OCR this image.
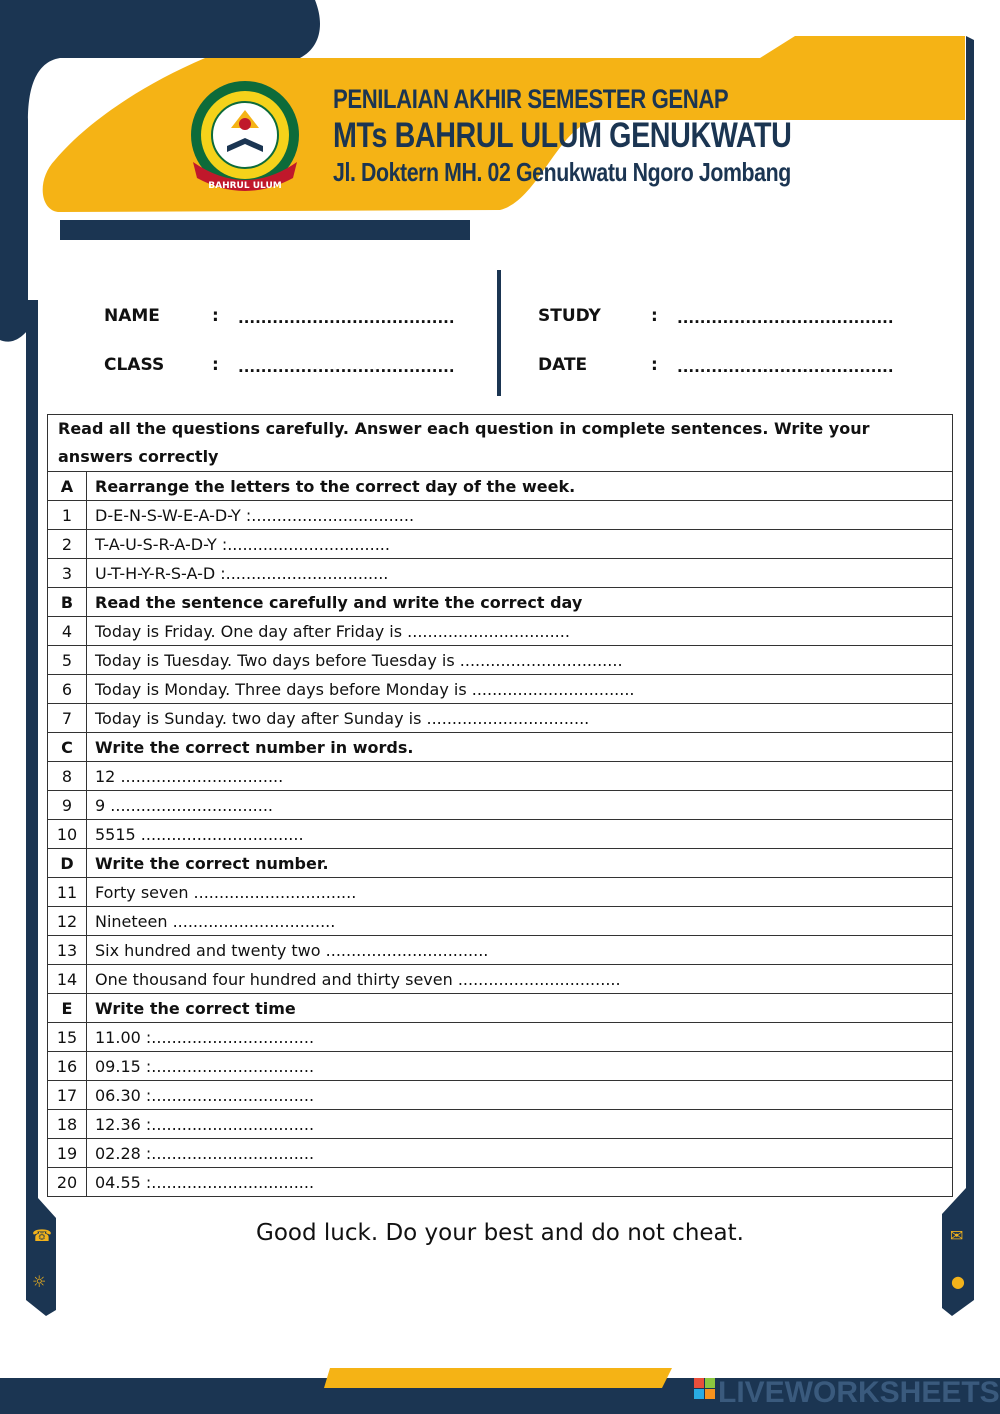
BAHRUL ULUM
PENILAIAN AKHIR SEMESTER GENAP
MTs BAHRUL ULUM GENUKWATU
Jl. Doktern MH. 02 Genukwatu Ngoro Jombang
NAME	: ......................................
CLASS	: ......................................
STUDY	: ......................................
DATE	: ......................................
Read all the questions carefully. Answer each question in complete sentences. Write your answers correctly	
A	Rearrange the letters to the correct day of the week.
1	D-E-N-S-W-E-A-D-Y :................................
2	T-A-U-S-R-A-D-Y :................................
3	U-T-H-Y-R-S-A-D :................................
B	Read the sentence carefully and write the correct day
4	Today is Friday. One day after Friday is ................................
5	Today is Tuesday. Two days before Tuesday is ................................
6	Today is Monday. Three days before Monday is ................................
7	Today is Sunday. two day after Sunday is ................................
C	Write the correct number in words.
8	12 ................................
9	9 ................................
10	5515 ................................
D	Write the correct number.
11	Forty seven ................................
12	Nineteen ................................
13	Six hundred and twenty two ................................
14	One thousand four hundred and thirty seven ................................
E	Write the correct time
15	11.00 :................................
16	09.15 :................................
17	06.30 :................................
18	12.36 :................................
19	02.28 :................................
20	04.55 :................................
☎
☼
✉
●
Good luck. Do your best and do not cheat.
LIVEWORKSHEETS
